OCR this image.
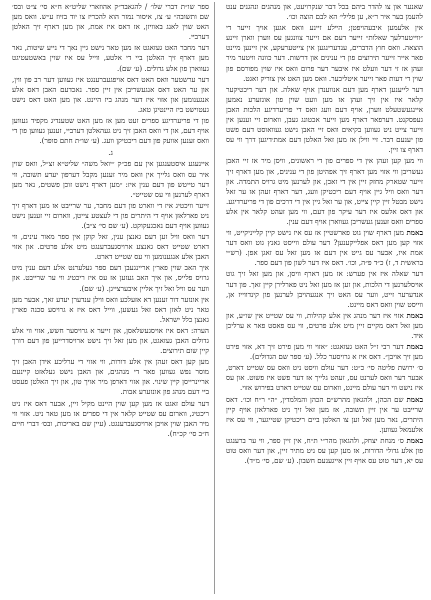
שאנער און צו להדר ביהם בכל דבר שנקרויעט, און מנהגים ונהגנים ענט להעמן בער איר ר״א, ען פלילי׳ הא לבם הוצה וכו׳.

אין אלעמען איבעהויפטן; הײלע זיינע וואס אגען אויך זייער די ״ווייטערלעך שאלות״ זייער דעם אם זייער צוונגען עס ווערן ווארן זיינע הוצאה. וואס חוץ הדברים, ענדערינגען אין צייטערעקע, אין זיינען מיינט פאר אייר זייער תירוצים פון די ענינים און דרשות. דער כוונה וויטער מיר זעהן אז זי דער וועלט איז איבער דער פרום וואס איז שוין מפורסם פון שוין די דעות פאר זייער איטליכער. וואס מען האט אין צוריק זאגט.

דער לייענען דארף מען דעם אנווענדן אויף שאלה. און דער ריכטיקער קלאר איז אין זיך זעהן אז מען וועט שוין פון אונזערע נאמען איינגעשטעלט ווערן, אויף דעם וועג וואס די פריערדיגע הלכות האבן געפסקנט. דערפאר דארף מען זייער אכטונג געבן, ווארום זיי זענען אין זייער צייט ניט געווען בקיאים וואס זיי האבן נישט געוואוסט דעם פשט פון יענעם דבר. זיי ווילן אז מען זאל האלטן דעם אמת׳דיגען דרך ווי עס דארף צו זיין.

ווי מען קען זעהן אין די ספרים פון די ראשונים, וויסן מיר אז זיי האבן געשריבן ווי אזוי מען דארף זיך אפהיטן פון די ענינים, און מען דארף זיך זייער שטארק מחזק זיין אין די זאכן, און לערנען מיט גרויס התמדה. און דער וואס וויל גיין אויף דעם ריכטיקן וועג, דער דארף זעהן אז ער זאל נישט מבטל זיין קיין צייט, און ער זאל גיין אין די דרכים פון די פריערדיגע. און דאס אלעס איז דער עיקר פון דעם, ווי מען זעהט קלאר אין אלע ספרים וואס זענען געשריבן געווארן אויף דעם ענין.

באמת מען דארף שוין גוט פארשטיין אז עס איז נישט קיין קלייניקייט, ווי אזוי קען מען דאס אפלייקענען? דער עולם ווייסט גאנץ גוט וואס דער אמת איז, אבער עס גייט אין דעם אז מען זאל עס זאגן אפן. (רש״י בראשית ד, ז) כ״ד פ״ה, וכו׳. דאס איז דער לשון פון דעם ספר.

דער שאלה איז אין פערש: אז מען דארף וויסן, און מען זאל זיך גוט אויסלערנען די הלכות, און זען אז מען זאל ניט פארלירן קיין זאך. פון דער אנדערער זייט, ווער עס האט זיך אנגעהויבן לערנען פון קינדווייז אן, ווייסט שוין וואס דאס מיינט.

באמת אזוי איז דער מנהג אין אלע קהילות, ווי עס שטייט אין שו״ע, און מען זאל דאס מקיים זיין מיט אלע פרטים, ווי עס פאסט פאר א ערליכן איד.

באמת דער רבי ז״ל האט געזאגט: ״אזוי ווי מען פירט זיך דא, אזוי פירט מען זיך אויבן״. דאס איז א גרויסער כלל. (ע׳ ספר שם הגדולים).

ס׳ ירושת פליטה סי׳ כ״ט: דער עולם וויסט ניט וואס עס שטייט דארט, אבער דער וואס לערנט עס, זעהט גלייך אז דער פשט איז פשוט. און עס איז נישט ווי דער עולם מיינט, ווארום עס שטייט דארט בפירוש אזוי.

באמת שם הכהן, ולהגאון מהרש״ם הכהן והמלמדין, ״ה״ ר״ח וכו׳. דאס שרייבט ער אין זיין תשובה, אז מען זאל זיך ניט פארלאזן אויף קיין היתרים, נאר מען זאל זען צו האלטן ביים ריכטיקן שטייגער, ווי עס איז אלעמאל געווען.

באמת ס׳ מנחת יצחק, ולהגאון מהר״י ת״ח, אין זיין ספר, ווי ער ברענגט פון אלע גדולי הדורות, אז מען קען עס ניט מתיר זיין, און דער וואס טוט עס יא, דער טוט עס אויף זיין אייגענעם חשבון. (ע׳ שם, סי׳ מ״ד).

ספר שו״ת דברי שלו׳ / להגאבד״ק אהוזארי שליט״א ח״א סי׳ צ״ט ובס׳ שם ותשובה״ ע׳ צז, איסור נמזר הוא להכריז צו יוד בזיוז ע״ש. וואס מען האט שוין לאנג באוויזן, אז דאס איז אמת, און מען דארף זיך האלטן דערביי.

דער מחבר האט געזאגט אז מען טאר נישט גיין נאך די נייע שיטות, נאר מען דארף זיך האלטן ביי די אלטע, ווייל עס איז שוין באשטעטיגט געווארן פון אלע גדולים. (ע׳ שם).

דער ערשטער וואס האט דאס אויפגעברענגט איז געווען דער רב פון ווין, און ער האט דאס אנגעשריבן אין זיין ספר. נאכדעם האבן דאס אלע אנגענומען און אזוי איז דער מנהג ביז היינט. און מען האט דאס נישט געטוישט ביז היינטיגן טאג.

פון די פריערדיגע ספרים זעט מען אז מען האט שטענדיג מקפיד געווען אויף דעם, און די וואס האבן זיך ניט געהאלטן דערביי, זענען געווען פון די וואס זענען אוועק פון דעם ריכטיקן וועג. (ע׳ שו״ת חתם סופר).

ג.

איינעגע איסטענגען אין עם פכ״ק ״יואל משה״ שליט״א זצ״ל, וואס שוין איר עס וואס גלייך אין וואס מיר זענען מקבל דערפון יעדע תשובה, ווי דער טייטש פון דעם ענין איז: ״מען דארף נישט זוכן פשטים, נאר מען דארף לערנען ווי עס שטייט״.

זייער וויכטיג איז די ווארט פון דעם מחבר, ער שרייבט אז מען דארף זיך ניט פארלאזן אויף די היתרים פון די לעצטע צייטן, ווארום זיי זענען נישט געווען אויף דעם נאכגעקוקט. (ע׳ שם סי׳ צ״ב).

דער וואס וויל זען דעם גאנצן ענין, זאל קוקן אין ספר מאור עינים, ווי דארט שטייט דאס גאנצע ארויסגעברענגט מיט אלע פרטים. און אזוי האבן אלע אנגענומען ווי עס שטייט דארט.

איך האב שוין פאר׳ן אריינגעבן דעם ספר געלערנט אלע דעם ענין מיט גרויס פלייס, און איך האב געזען אז עס איז ריכטיג ווי ער שרייבט. און ווער עס וויל זאל זיך אליין איבערצייגן. (ע׳ שם).

אין אונזער דור זענען דא אזעלכע וואס ווילן ענדערן יעדע זאך, אבער מען טאר ניט לאזן דאס זאל געשען, ווייל דאס איז א גרויסע סכנה פאר׳ן גאנצן כלל ישראל.

הערה: דאס איז אויסגעשלאסן, און זייער א גרויסער חשש, אזוי ווי אלע גדולים האבן געזאגט, און מען זאל זיך נישט ארויסדרייען פון דעם דורך קיין שום תירוצים.

מען קען דאס זעהן אין אלע דורות, ווי אזוי די ערליכע אידן האבן זיך מוסר נפש געווען פאר די מנהגים, און האבן נישט געלאזט קיינעם אריינרייסן קיין שינוי. און אזוי דארפן מיר אויך טון, און זיך האלטן פעסט ביי דעם מנהג פון אונזערע אבות.

דער עולם זאגט אז מען קען שוין היינט מקיל זיין, אבער דאס איז ניט ריכטיג, ווארום עס שטייט קלאר אין די ספרים אז מען טאר ניט. אזוי ווי מיר האבן שוין אויבן ארויסגעברענגט. (עיין שם באריכות, ובס׳ דברי חיים ח״ב סי׳ קכ״ח).
